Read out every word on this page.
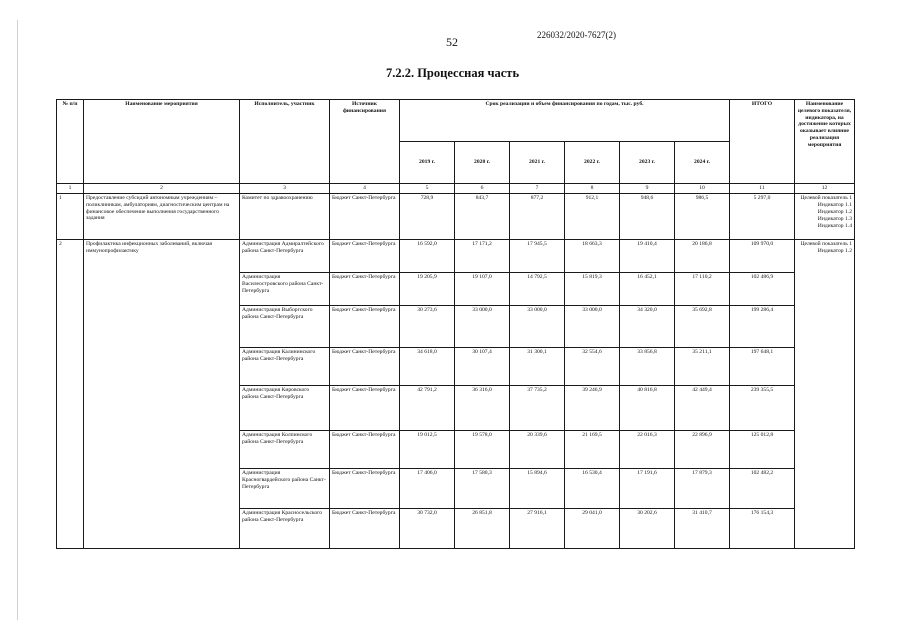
52	226032/2020-7627(2)
7.2.2. Процессная часть
№ п/п	Наименование мероприятия	Исполнитель, участник	Источник финансирования	Срок реализации и объем финансирования по годам, тыс. руб.						ИТОГО	Наименование целевого показателя, индикатора, на достижение которых оказывает влияние реализация мероприятия
				2019 г.	2020 г.	2021 г.	2022 г.	2023 г.	2024 г.		
1	2	3	4	5	6	7	8	9	10	11	12
1	Предоставление субсидий автономным учреждениям – поликлиникам, амбулаториям, диагностическим центрам на финансовое обеспечение выполнения государственного задания	Комитет по здравоохранению	Бюджет Санкт-Петербурга	728,9	843,7	877,2	912,1	948,6	986,5	5 297,0	Целевой показатель 1
Индикатор 1.1
Индикатор 1.2
Индикатор 1.3
Индикатор 1.4

2	Профилактика инфекционных заболеваний, включая иммунопрофилактику	Администрация Адмиралтейского района Санкт-Петербурга	Бюджет Санкт-Петербурга	16 592,0	17 171,2	17 945,5	18 663,3	19 410,4	20 186,8	109 970,0	Целевой показатель 1
Индикатор 1.2

		Администрация Василеостровского района Санкт-Петербурга	Бюджет Санкт-Петербурга	19 205,9	19 107,0	14 792,5	15 819,3	16 452,1	17 110,2	102 486,9	
		Администрация Выборгского района Санкт-Петербурга	Бюджет Санкт-Петербурга	30 273,6	33 000,0	33 000,0	33 000,0	34 320,0	35 692,8	199 286,4	
		Администрация Калининского района Санкт-Петербурга	Бюджет Санкт-Петербурга	34 618,0	30 107,4	31 300,1	32 554,6	33 856,8	35 211,1	197 648,1	
		Администрация Кировского района Санкт-Петербурга	Бюджет Санкт-Петербурга	42 791,2	36 316,0	37 735,2	39 246,9	40 816,8	42 449,4	239 355,5	
		Администрация Колпинского района Санкт-Петербурга	Бюджет Санкт-Петербурга	19 012,5	19 578,0	20 339,6	21 169,5	22 016,3	22 896,9	125 012,8	
		Администрация Красногвардейского района Санкт-Петербурга	Бюджет Санкт-Петербурга	17 406,0	17 580,3	15 894,6	16 530,4	17 191,6	17 879,3	102 482,2	
		Администрация Красносельского района Санкт-Петербурга	Бюджет Санкт-Петербурга	30 732,0	26 851,8	27 916,1	29 041,0	30 202,6	31 410,7	176 154,3	
